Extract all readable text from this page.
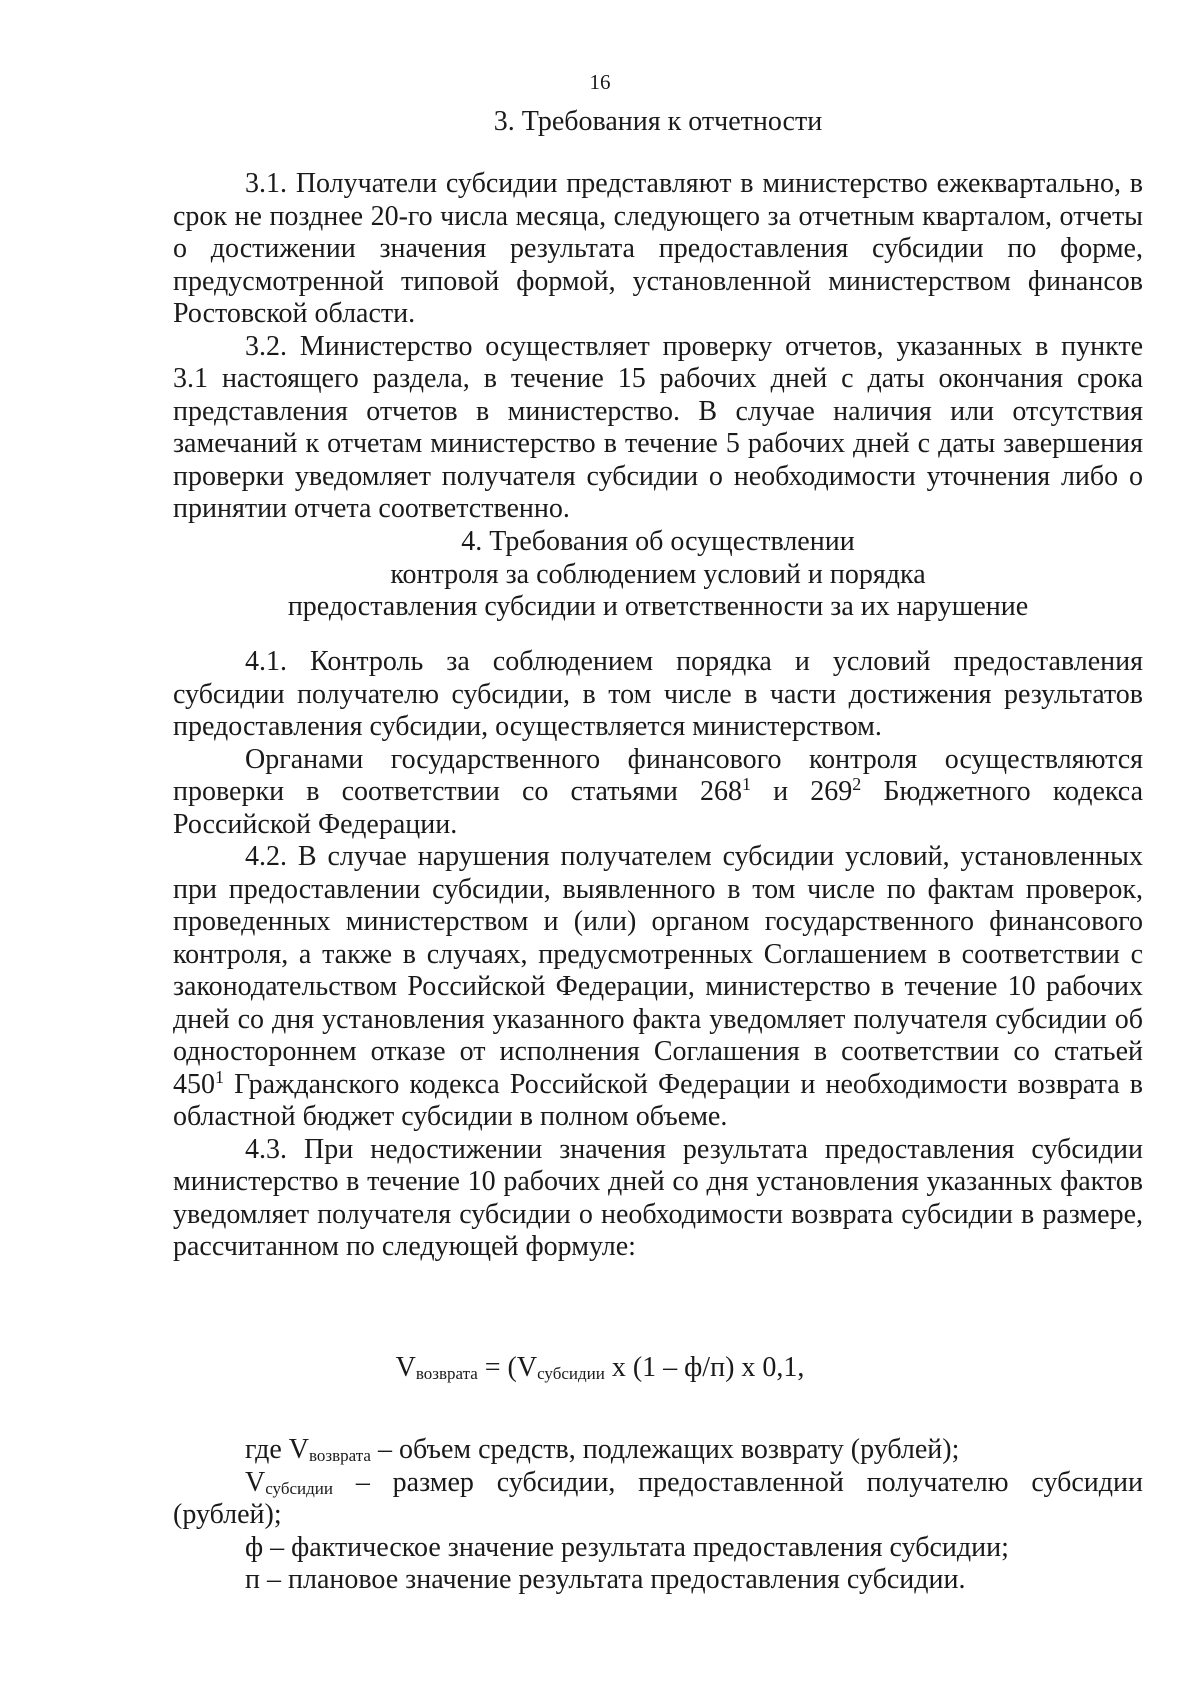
16

3. Требования к отчетности

3.1. Получатели субсидии представляют в министерство ежеквартально, в срок не позднее 20-го числа месяца, следующего за отчетным кварталом, отчеты о достижении значения результата предоставления субсидии по форме, предусмотренной типовой формой, установленной министерством финансов Ростовской области.

3.2. Министерство осуществляет проверку отчетов, указанных в пункте 3.1 настоящего раздела, в течение 15 рабочих дней с даты окончания срока представления отчетов в министерство. В случае наличия или отсутствия замечаний к отчетам министерство в течение 5 рабочих дней с даты завершения проверки уведомляет получателя субсидии о необходимости уточнения либо о принятии отчета соответственно.

4. Требования об осуществлении

контроля за соблюдением условий и порядка

предоставления субсидии и ответственности за их нарушение

4.1. Контроль за соблюдением порядка и условий предоставления субсидии получателю субсидии, в том числе в части достижения результатов предоставления субсидии, осуществляется министерством.

Органами государственного финансового контроля осуществляются проверки в соответствии со статьями $268^1$ и $269^2$ Бюджетного кодекса Российской Федерации.

4.2. В случае нарушения получателем субсидии условий, установленных при предоставлении субсидии, выявленного в том числе по фактам проверок, проведенных министерством и (или) органом государственного финансового контроля, а также в случаях, предусмотренных Соглашением в соответствии с законодательством Российской Федерации, министерство в течение 10 рабочих дней со дня установления указанного факта уведомляет получателя субсидии об одностороннем отказе от исполнения Соглашения в соответствии со статьей $450^1$ Гражданского кодекса Российской Федерации и необходимости возврата в областной бюджет субсидии в полном объеме.

4.3. При недостижении значения результата предоставления субсидии министерство в течение 10 рабочих дней со дня установления указанных фактов уведомляет получателя субсидии о необходимости возврата субсидии в размере, рассчитанном по следующей формуле:

$V_{возврата} = (V_{субсидии}$ x (1 – ф/п) x 0,1,

где $V_{возврата}$ – объем средств, подлежащих возврату (рублей);

$V_{субсидии}$ – размер субсидии, предоставленной получателю субсидии (рублей);

ф – фактическое значение результата предоставления субсидии;

п – плановое значение результата предоставления субсидии.
